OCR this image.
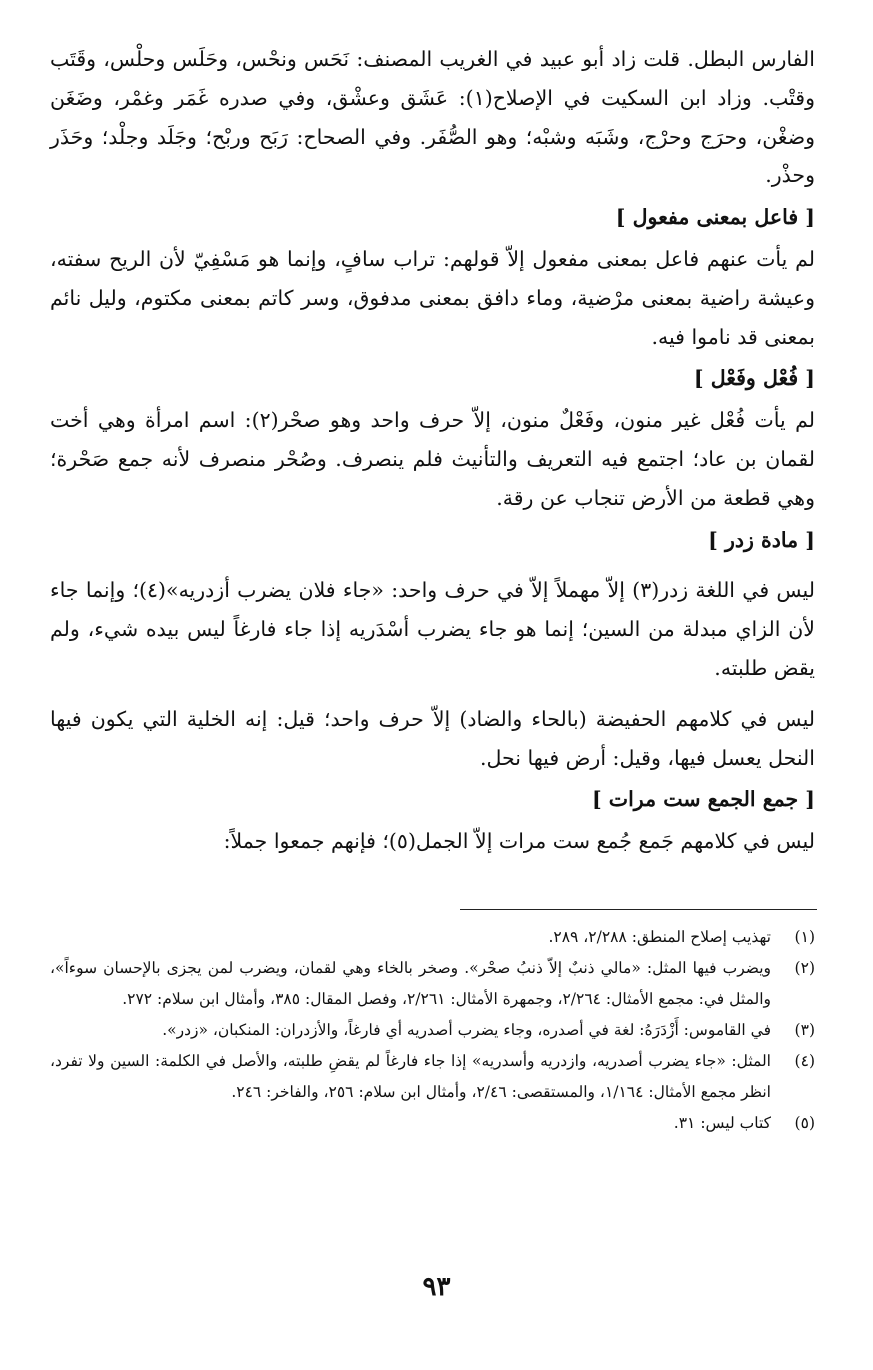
الفارس البطل. قلت زاد أبو عبيد في الغريب المصنف: نَحَس ونحْس، وحَلَس وحلْس، وقَتَب وقتْب. وزاد ابن السكيت في الإصلاح(١): عَشَق وعشْق، وفي صدره غَمَر وغمْر، وضَغَن وضغْن، وحرَج وحرْج، وشَبَه وشبْه؛ وهو الصُّفَر. وفي الصحاح: رَبَح وربْح؛ وجَلَد وجلْد؛ وحَذَر وحذْر.

[ فاعل بمعنى مفعول ]

لم يأت عنهم فاعل بمعنى مفعول إلاّ قولهم: تراب سافٍ، وإنما هو مَسْفِيّ لأن الريح سفته، وعيشة راضية بمعنى مرْضية، وماء دافق بمعنى مدفوق، وسر كاتم بمعنى مكتوم، وليل نائم بمعنى قد ناموا فيه.

[ فُعْل وفَعْل ]

لم يأت فُعْل غير منون، وفَعْلٌ منون، إلاّ حرف واحد وهو صحْر(٢): اسم امرأة وهي أخت لقمان بن عاد؛ اجتمع فيه التعريف والتأنيث فلم ينصرف. وصُحْر منصرف لأنه جمع صَحْرة؛ وهي قطعة من الأرض تنجاب عن رقة.

[ مادة زدر ]

ليس في اللغة زدر(٣) إلاّ مهملاً إلاّ في حرف واحد: «جاء فلان يضرب أزدريه»(٤)؛ وإنما جاء لأن الزاي مبدلة من السين؛ إنما هو جاء يضرب أسْدَريه إذا جاء فارغاً ليس بيده شيء، ولم يقض طلبته.

ليس في كلامهم الحفيضة (بالحاء والضاد) إلاّ حرف واحد؛ قيل: إنه الخلية التي يكون فيها النحل يعسل فيها، وقيل: أرض فيها نحل.

[ جمع الجمع ست مرات ]

ليس في كلامهم جَمع جُمع ست مرات إلاّ الجمل(٥)؛ فإنهم جمعوا جملاً:

(١)
تهذيب إصلاح المنطق: ٢/٢٨٨، ٢٨٩.
(٢)
ويضرب فيها المثل: «مالي ذنبٌ إلاّ ذنبُ صحْر». وصخر بالخاء وهي لقمان، ويضرب لمن يجزى بالإحسان سوءاً»، والمثل في: مجمع الأمثال: ٢/٢٦٤، وجمهرة الأمثال: ٢/٢٦١، وفصل المقال: ٣٨٥، وأمثال ابن سلام: ٢٧٢.
(٣)
في القاموس: أَزْدَرَهُ: لغة في أصدره، وجاء يضرب أصدريه أي فارغاً، والأزدران: المنكبان، «زدر».
(٤)
المثل: «جاء يضرب أصدريه، وازدريه وأسدريه» إذا جاء فارغاً لم يقضِ طلبته، والأصل في الكلمة: السين ولا تفرد، انظر مجمع الأمثال: ١/١٦٤، والمستقصى: ٢/٤٦، وأمثال ابن سلام: ٢٥٦، والفاخر: ٢٤٦.
(٥)
كتاب ليس: ٣١.
٩٣
